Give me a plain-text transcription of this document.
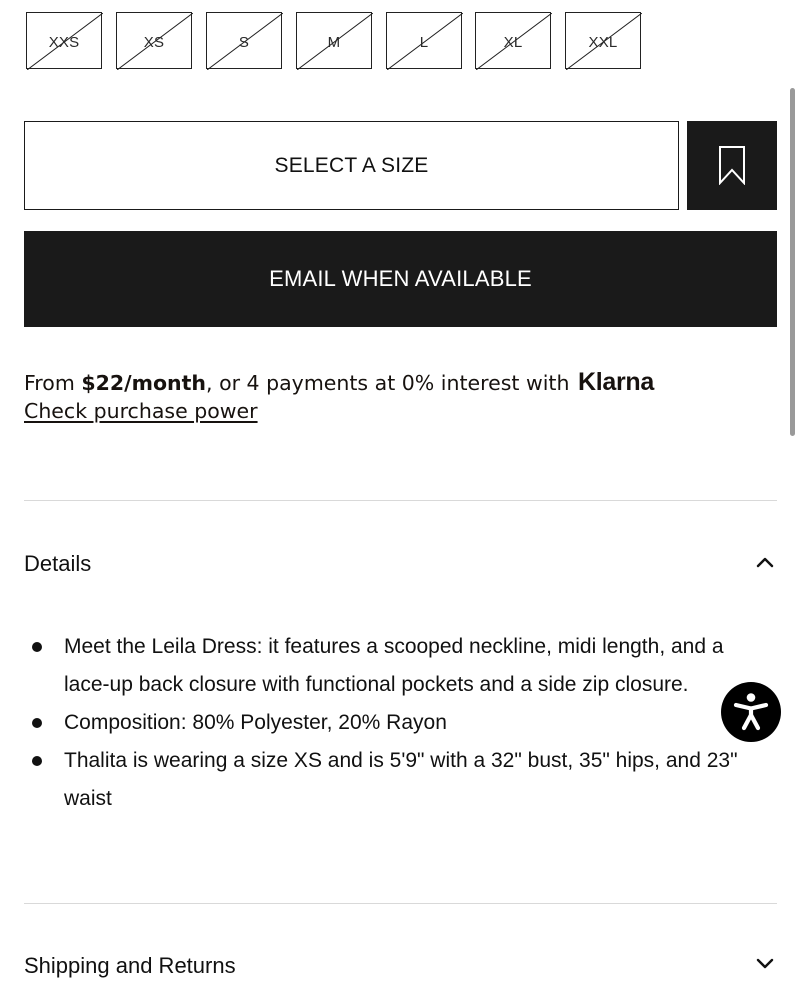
XXS	XS	S	M	L	XL	XXL
SELECT A SIZE
EMAIL WHEN AVAILABLE
From $22/month, or 4 payments at 0% interest with Klarna
Check purchase power
Details
Meet the Leila Dress: it features a scooped neckline, midi length, and a lace-up back closure with functional pockets and a side zip closure.
Composition: 80% Polyester, 20% Rayon
Thalita is wearing a size XS and is 5'9" with a 32" bust, 35" hips, and 23" waist
Shipping and Returns
